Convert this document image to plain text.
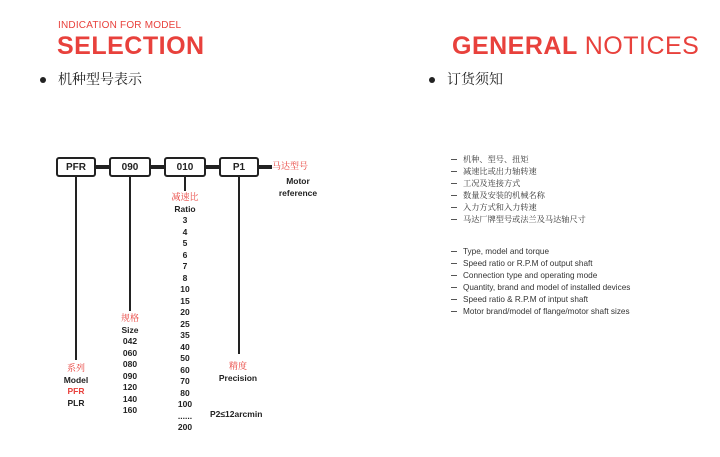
INDICATION FOR MODEL
SELECTION
机种型号表示
GENERAL NOTICES
订货须知
PFR	090	010	P1	马达型号
Motor
reference
减速比
Ratio
3
4
5
6
7
8
10
15
20
25
35
40
50
60
70
80
100
......
200
规格
Size
042
060
080
090
120
140
160
系列
Model
PFR
PLR
精度
Precision
P2≤12arcmin
机种、型号、扭矩
减速比或出力轴转速
工况及连接方式
数量及安装的机械名称
入力方式和入力转速
马达厂牌型号或法兰及马达轴尺寸
Type, model and torque
Speed ratio or R.P.M of output shaft
Connection type and operating mode
Quantity, brand and model of installed devices
Speed ratio & R.P.M of intput shaft
Motor brand/model of flange/motor shaft sizes
